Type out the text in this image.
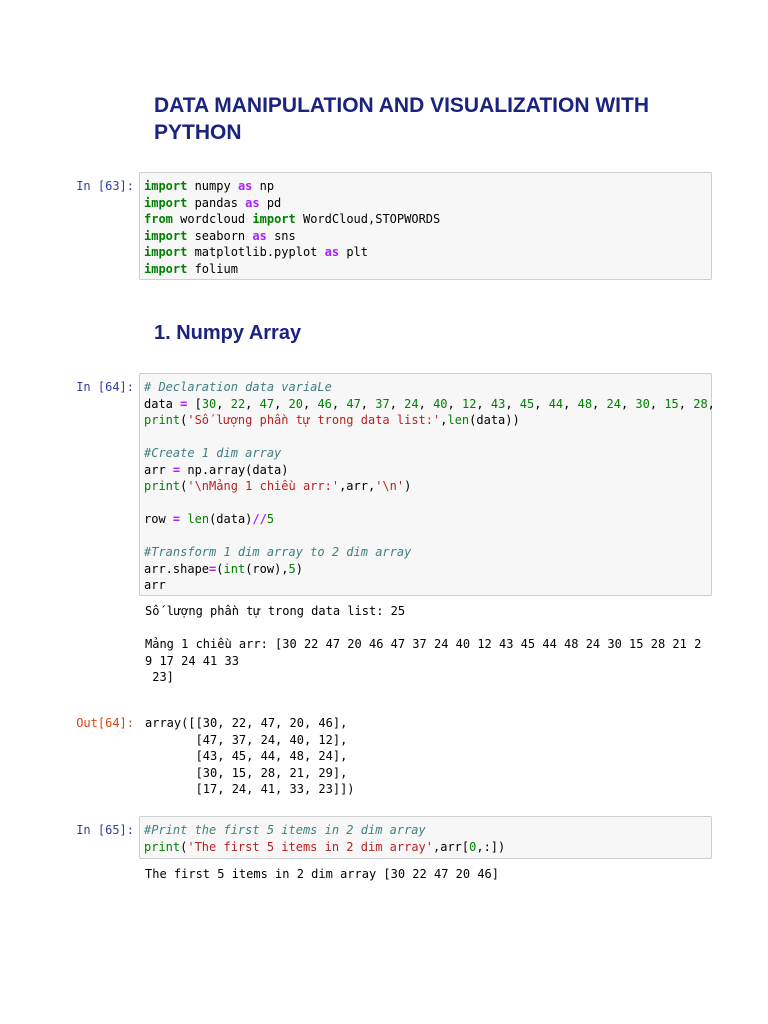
DATA MANIPULATION AND VISUALIZATION WITH PYTHON
In [63]: import numpy as np
import pandas as pd
from wordcloud import WordCloud,STOPWORDS
import seaborn as sns
import matplotlib.pyplot as plt
import folium
1. Numpy Array
In [64]: # Declaration data variaLe
data = [30, 22, 47, 20, 46, 47, 37, 24, 40, 12, 43, 45, 44, 48, 24, 30, 15, 28,
print('Số lượng phần tự trong data list:',len(data))

#Create 1 dim array
arr = np.array(data)
print('\nMảng 1 chiều arr:',arr,'\n')

row = len(data)//5

#Transform 1 dim array to 2 dim array
arr.shape=(int(row),5)
arr
Số lượng phần tự trong data list: 25

Mảng 1 chiều arr: [30 22 47 20 46 47 37 24 40 12 43 45 44 48 24 30 15 28 21 2
9 17 24 41 33
23]
Out[64]: array([[30, 22, 47, 20, 46],
[47, 37, 24, 40, 12],
[43, 45, 44, 48, 24],
[30, 15, 28, 21, 29],
[17, 24, 41, 33, 23]])
In [65]: #Print the first 5 items in 2 dim array
print('The first 5 items in 2 dim array',arr[0,:])
The first 5 items in 2 dim array [30 22 47 20 46]
